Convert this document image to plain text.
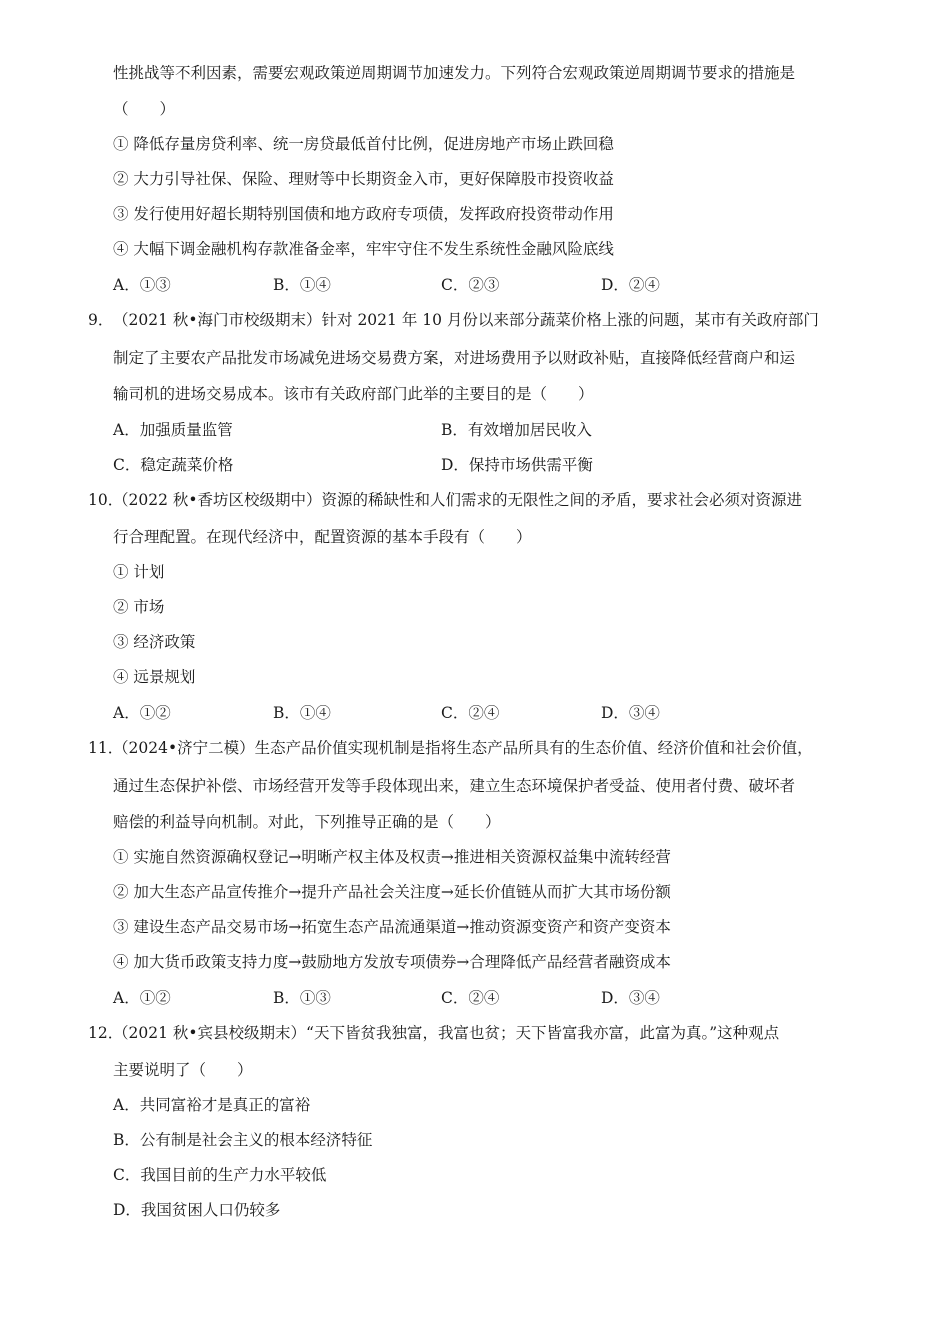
性挑战等不利因素，需要宏观政策逆周期调节加速发力。下列符合宏观政策逆周期调节要求的措施是
（　　）
① 降低存量房贷利率、统一房贷最低首付比例，促进房地产市场止跌回稳
② 大力引导社保、保险、理财等中长期资金入市，更好保障股市投资收益
③ 发行使用好超长期特别国债和地方政府专项债，发挥政府投资带动作用
④ 大幅下调金融机构存款准备金率，牢牢守住不发生系统性金融风险底线
A．①③	B．①④	C．②③	D．②④
9． （2021 秋•海门市校级期末）针对 2021 年 10 月份以来部分蔬菜价格上涨的问题，某市有关政府部门
制定了主要农产品批发市场减免进场交易费方案，对进场费用予以财政补贴，直接降低经营商户和运
输司机的进场交易成本。该市有关政府部门此举的主要目的是（　　）
A．加强质量监管	B．有效增加居民收入
C．稳定蔬菜价格	D．保持市场供需平衡
10．
（2022 秋•香坊区校级期中）资源的稀缺性和人们需求的无限性之间的矛盾，要求社会必须对资源进
行合理配置。在现代经济中，配置资源的基本手段有（　　）
① 计划
② 市场
③ 经济政策
④ 远景规划
A．①②	B．①④	C．②④	D．③④
11．
（2024•济宁二模）生态产品价值实现机制是指将生态产品所具有的生态价值、经济价值和社会价值，
通过生态保护补偿、市场经营开发等手段体现出来，建立生态环境保护者受益、使用者付费、破坏者
赔偿的利益导向机制。对此，下列推导正确的是（　　）
① 实施自然资源确权登记→明晰产权主体及权责→推进相关资源权益集中流转经营
② 加大生态产品宣传推介→提升产品社会关注度→延长价值链从而扩大其市场份额
③ 建设生态产品交易市场→拓宽生态产品流通渠道→推动资源变资产和资产变资本
④ 加大货币政策支持力度→鼓励地方发放专项债券→合理降低产品经营者融资成本
A．①②	B．①③	C．②④	D．③④
12．
（2021 秋•宾县校级期末）“天下皆贫我独富，我富也贫；天下皆富我亦富，此富为真。”这种观点
主要说明了（　　）
A．共同富裕才是真正的富裕
B．公有制是社会主义的根本经济特征
C．我国目前的生产力水平较低
D．我国贫困人口仍较多
